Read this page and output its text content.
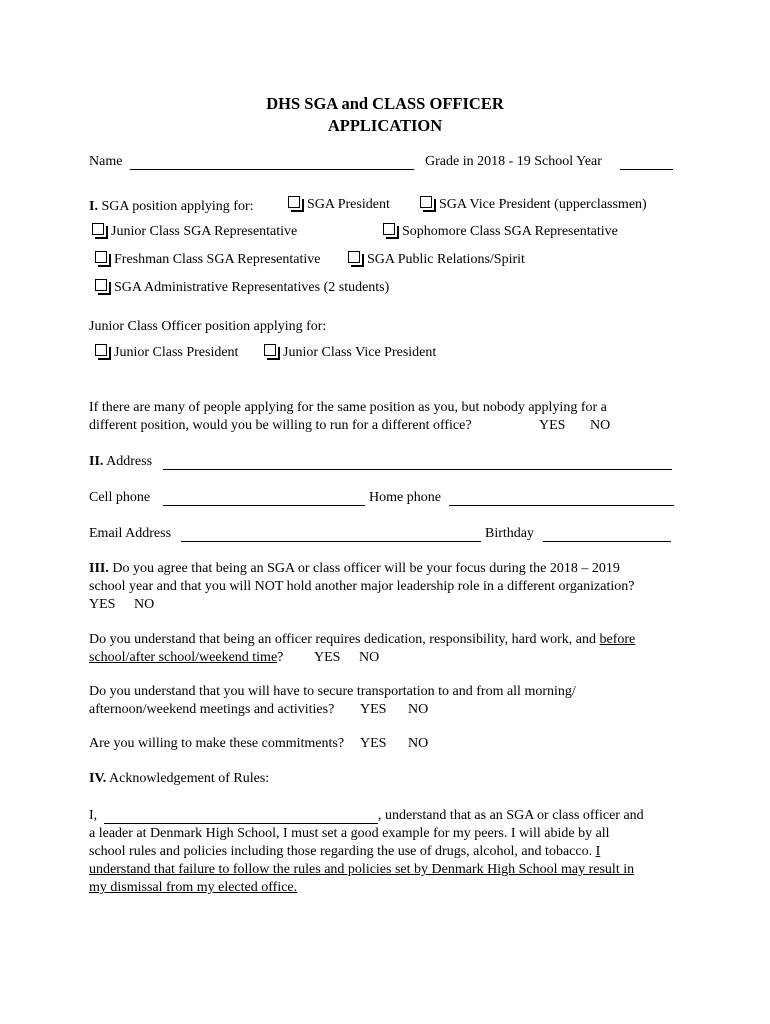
DHS SGA and CLASS OFFICER
APPLICATION
Name	Grade in 2018 - 19 School Year
I. SGA position applying for:	SGA President	SGA Vice President (upperclassmen)
Junior Class SGA Representative	Sophomore Class SGA Representative
Freshman Class SGA Representative	SGA Public Relations/Spirit
SGA Administrative Representatives (2 students)
Junior Class Officer position applying for:
Junior Class President	Junior Class Vice President
If there are many of people applying for the same position as you, but nobody applying for a
different position, would you be willing to run for a different office?	YES NO
II. Address
Cell phone	Home phone
Email Address	Birthday
III. Do you agree that being an SGA or class officer will be your focus during the 2018 – 2019
school year and that you will NOT hold another major leadership role in a different organization?
YES NO
Do you understand that being an officer requires dedication, responsibility, hard work, and before
school/after school/weekend time? YES NO
Do you understand that you will have to secure transportation to and from all morning/
afternoon/weekend meetings and activities? YES NO
Are you willing to make these commitments? YES NO
IV. Acknowledgement of Rules:
I,	, understand that as an SGA or class officer and
a leader at Denmark High School, I must set a good example for my peers. I will abide by all
school rules and policies including those regarding the use of drugs, alcohol, and tobacco. I
understand that failure to follow the rules and policies set by Denmark High School may result in
my dismissal from my elected office.
